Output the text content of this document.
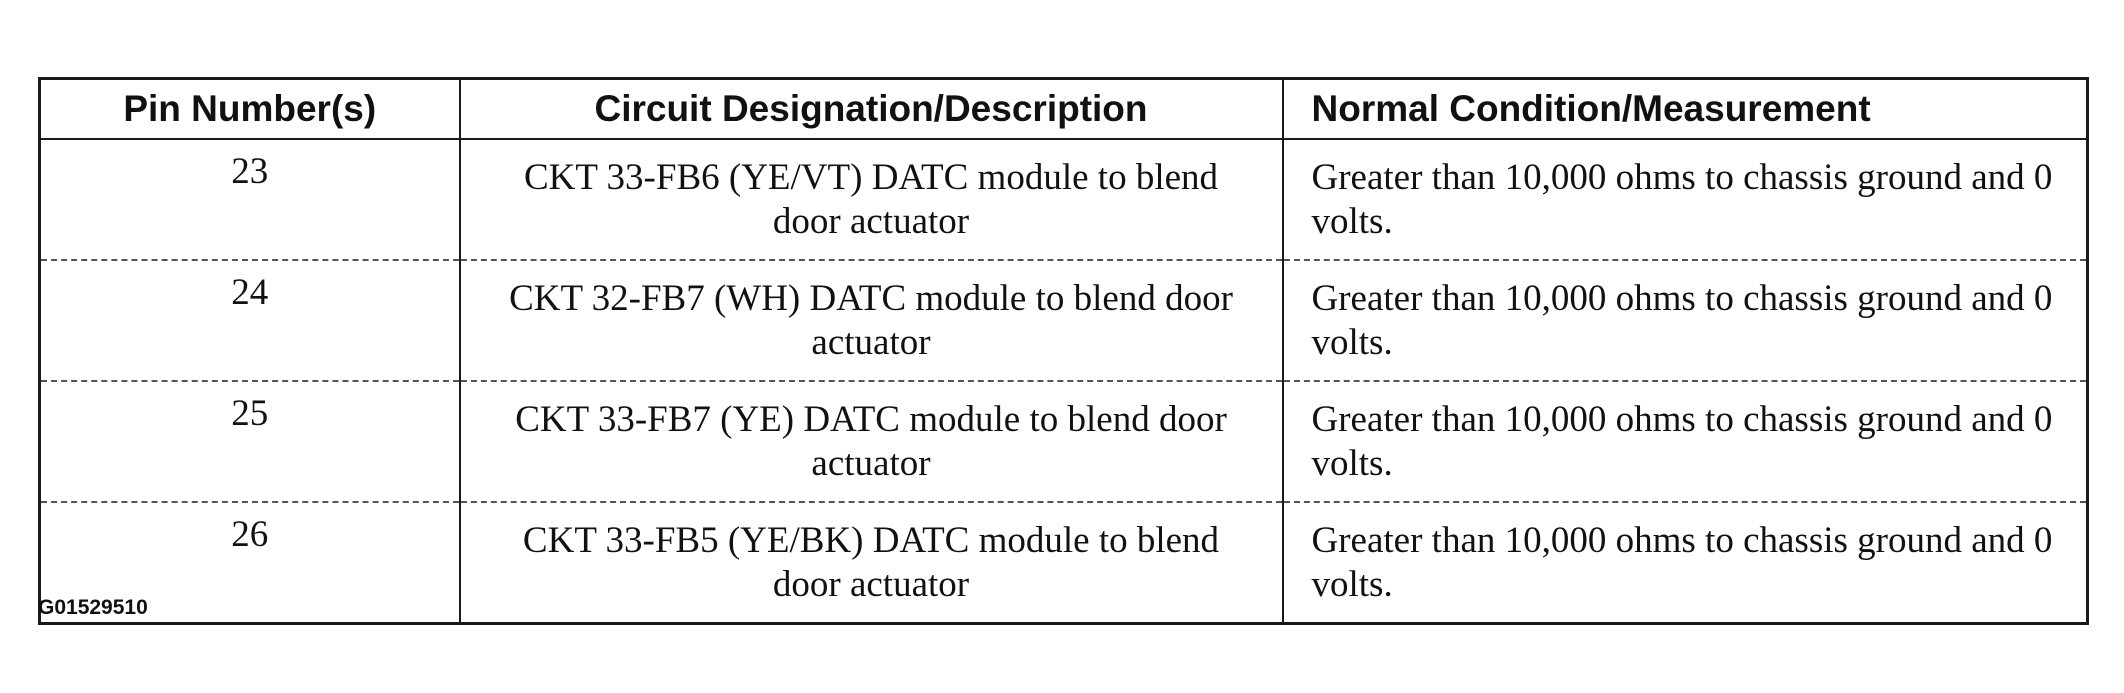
Pin Number(s)	Circuit Designation/Description	Normal Condition/Measurement
23	CKT 33-FB6 (YE/VT) DATC module to blend door actuator	Greater than 10,000 ohms to chassis ground and 0 volts.
24	CKT 32-FB7 (WH) DATC module to blend door actuator	Greater than 10,000 ohms to chassis ground and 0 volts.
25	CKT 33-FB7 (YE) DATC module to blend door actuator	Greater than 10,000 ohms to chassis ground and 0 volts.
26	CKT 33-FB5 (YE/BK) DATC module to blend door actuator	Greater than 10,000 ohms to chassis ground and 0 volts.
G01529510
